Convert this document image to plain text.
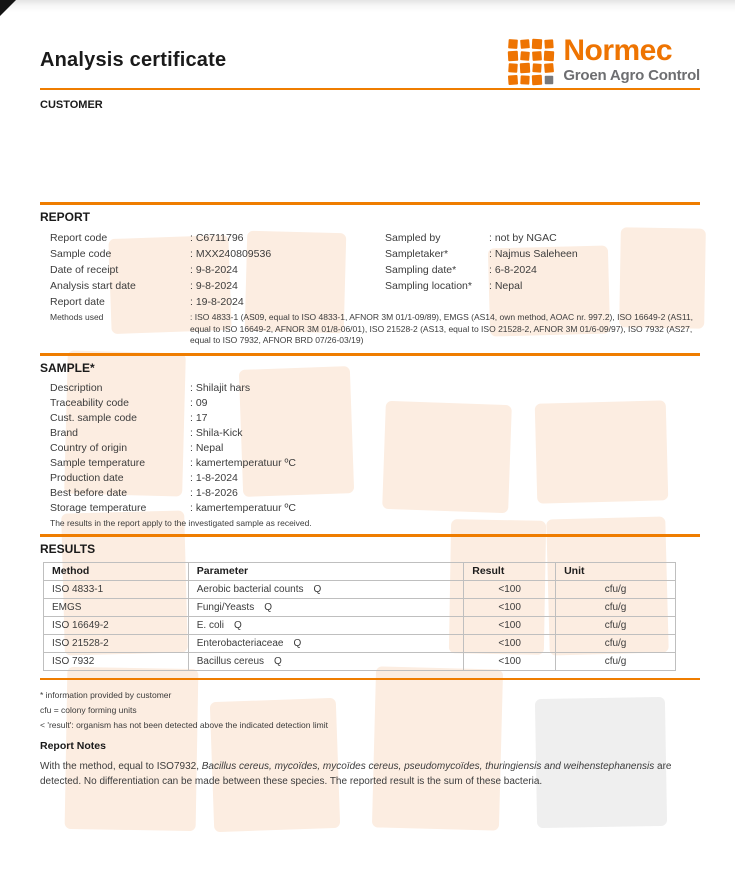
Analysis certificate	Normec
Groen Agro Control
CUSTOMER
REPORT
Report code	: C6711796
Sample code	: MXX240809536
Date of receipt	: 9-8-2024
Analysis start date	: 9-8-2024
Report date	: 19-8-2024
Sampled by	: not by NGAC
Sampletaker*	: Najmus Saleheen
Sampling date*	: 6-8-2024
Sampling location*	: Nepal
Methods used	: ISO 4833-1 (AS09, equal to ISO 4833-1, AFNOR 3M 01/1-09/89), EMGS (AS14, own method, AOAC nr. 997.2), ISO 16649-2 (AS11, equal to ISO 16649-2, AFNOR 3M 01/8-06/01), ISO 21528-2 (AS13, equal to ISO 21528-2, AFNOR 3M 01/6-09/97), ISO 7932 (AS27, equal to ISO 7932, AFNOR BRD 07/26-03/19)
SAMPLE*
Description	: Shilajit hars
Traceability code	: 09
Cust. sample code	: 17
Brand	: Shila-Kick
Country of origin	: Nepal
Sample temperature	: kamertemperatuur ºC
Production date	: 1-8-2024
Best before date	: 1-8-2026
Storage temperature	: kamertemperatuur ºC
The results in the report apply to the investigated sample as received.
RESULTS
Method	Parameter	Result	Unit
ISO 4833-1	Aerobic bacterial counts Q	<100	cfu/g
EMGS	Fungi/Yeasts Q	<100	cfu/g
ISO 16649-2	E. coli Q	<100	cfu/g
ISO 21528-2	Enterobacteriaceae Q	<100	cfu/g
ISO 7932	Bacillus cereus Q	<100	cfu/g
* information provided by customer
cfu = colony forming units
< 'result': organism has not been detected above the indicated detection limit
Report Notes
With the method, equal to ISO7932, Bacillus cereus, mycoïdes, mycoïdes cereus, pseudomycoïdes, thuringiensis and weihenstephanensis are detected. No differentiation can be made between these species. The reported result is the sum of these bacteria.
